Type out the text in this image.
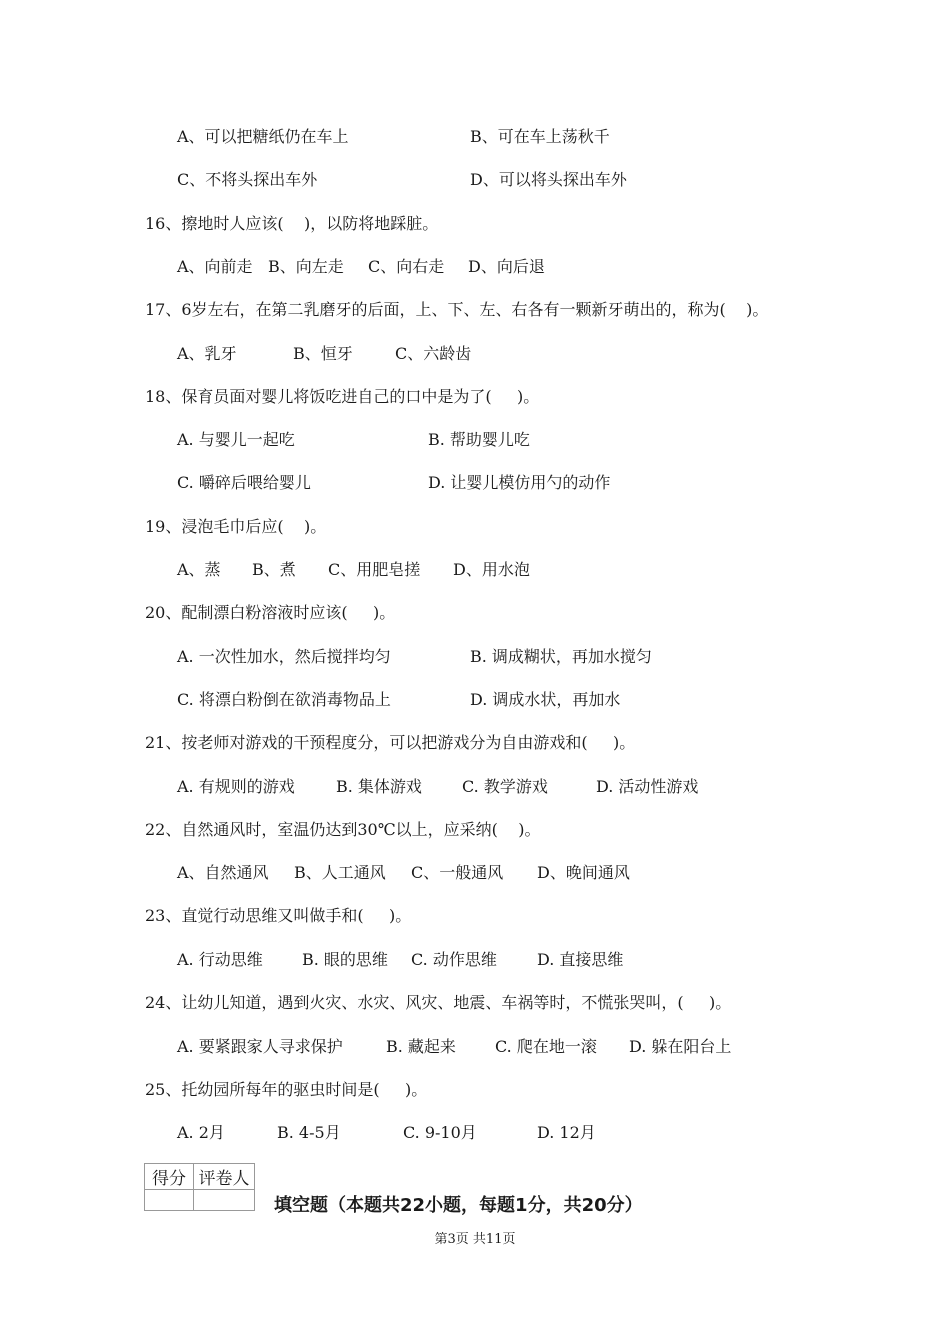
A、可以把糖纸仍在车上	B、可在车上荡秋千
C、不将头探出车外	D、可以将头探出车外
16、擦地时人应该(    )，以防将地踩脏。
A、向前走 B、向左走 C、向右走 D、向后退
17、6岁左右，在第二乳磨牙的后面，上、下、左、右各有一颗新牙萌出的，称为(    )。
A、乳牙	B、恒牙	C、六龄齿
18、保育员面对婴儿将饭吃进自己的口中是为了(     )。
A. 与婴儿一起吃	B. 帮助婴儿吃
C. 嚼碎后喂给婴儿	D. 让婴儿模仿用勺的动作
19、浸泡毛巾后应(    )。
A、蒸 B、煮 C、用肥皂搓 D、用水泡
20、配制漂白粉溶液时应该(     )。
A. 一次性加水，然后搅拌均匀	B. 调成糊状，再加水搅匀
C. 将漂白粉倒在欲消毒物品上	D. 调成水状，再加水
21、按老师对游戏的干预程度分，可以把游戏分为自由游戏和(     )。
A. 有规则的游戏	B. 集体游戏	C. 教学游戏	D. 活动性游戏
22、自然通风时，室温仍达到30℃以上，应采纳(    )。
A、自然通风 B、人工通风 C、一般通风 D、晚间通风
23、直觉行动思维又叫做手和(     )。
A. 行动思维 B. 眼的思维 C. 动作思维	D. 直接思维
24、让幼儿知道，遇到火灾、水灾、风灾、地震、车祸等时，不慌张哭叫，(     )。
A. 要紧跟家人寻求保护	B. 藏起来 C. 爬在地一滚 D. 躲在阳台上
25、托幼园所每年的驱虫时间是(     )。
A. 2月	B. 4-5月	C. 9-10月	D. 12月
得分	评卷人

填空题（本题共22小题，每题1分，共20分）
第3页 共11页
